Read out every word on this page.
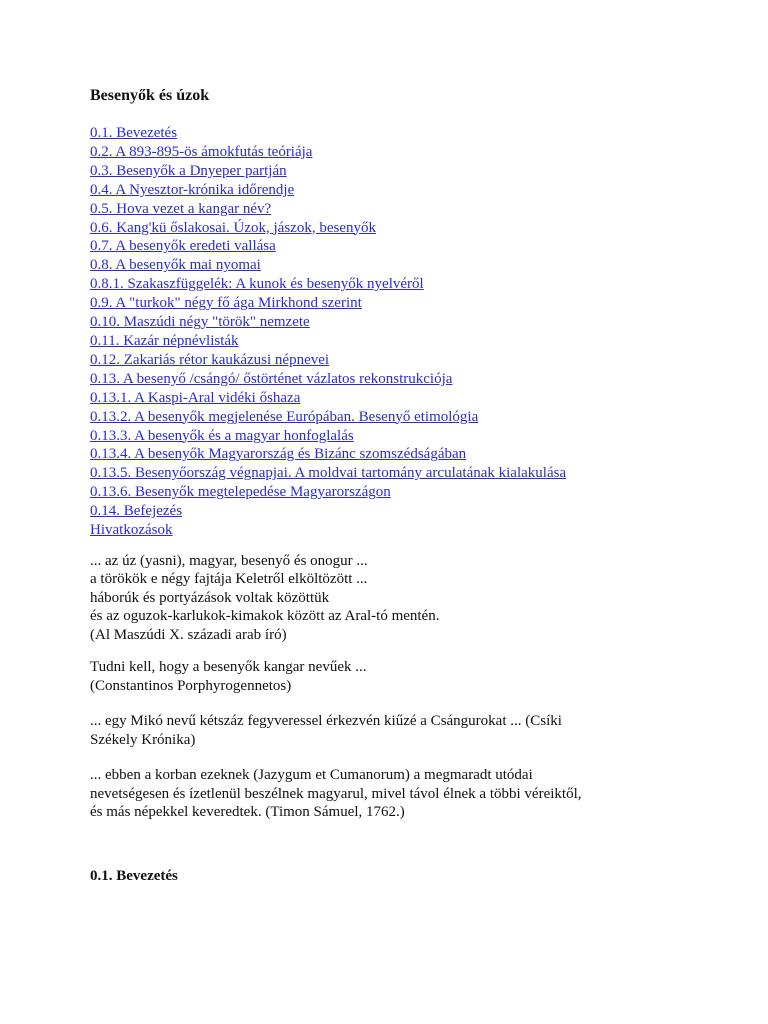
Besenyők és úzok
0.1. Bevezetés
0.2. A 893-895-ös ámokfutás teóriája
0.3. Besenyők a Dnyeper partján
0.4. A Nyesztor-krónika időrendje
0.5. Hova vezet a kangar név?
0.6. Kang'kü őslakosai. Úzok, jászok, besenyők
0.7. A besenyők eredeti vallása
0.8. A besenyők mai nyomai
0.8.1. Szakaszfüggelék: A kunok és besenyők nyelvéről
0.9. A "turkok" négy fő ága Mirkhond szerint
0.10. Maszúdi négy "török" nemzete
0.11. Kazár népnévlisták
0.12. Zakariás rétor kaukázusi népnevei
0.13. A besenyő /csángó/ őstörténet vázlatos rekonstrukciója
0.13.1. A Kaspi-Aral vidéki őshaza
0.13.2. A besenyők megjelenése Európában. Besenyő etimológia
0.13.3. A besenyők és a magyar honfoglalás
0.13.4. A besenyők Magyarország és Bizánc szomszédságában
0.13.5. Besenyőország végnapjai. A moldvai tartomány arculatának kialakulása
0.13.6. Besenyők megtelepedése Magyarországon
0.14. Befejezés
Hivatkozások

... az úz (yasni), magyar, besenyő és onogur ...

a törökök e négy fajtája Keletről elköltözött ...

háborúk és portyázások voltak közöttük

és az oguzok-karlukok-kimakok között az Aral-tó mentén.

(Al Maszúdi X. századi arab író)

Tudni kell, hogy a besenyők kangar nevűek ...

(Constantinos Porphyrogennetos)

... egy Mikó nevű kétszáz fegyveressel érkezvén kiűzé a Csángurokat ... (Csíki

Székely Krónika)

... ebben a korban ezeknek (Jazygum et Cumanorum) a megmaradt utódai

nevetségesen és ízetlenül beszélnek magyarul, mivel távol élnek a többi véreiktől,

és más népekkel keveredtek. (Timon Sámuel, 1762.)

0.1. Bevezetés
